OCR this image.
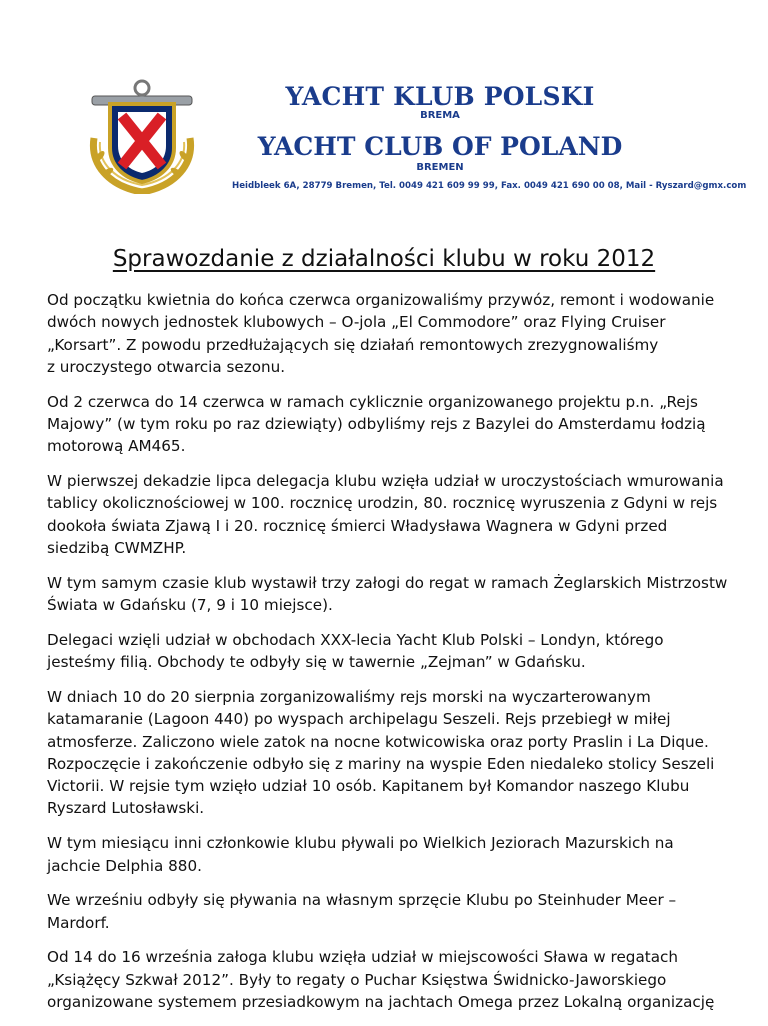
YACHT KLUB POLSKI
BREMA
YACHT CLUB OF POLAND
BREMEN
Heidbleek 6A, 28779 Bremen, Tel. 0049 421 609 99 99, Fax. 0049 421 690 00 08, Mail - Ryszard@gmx.com
Sprawozdanie z działalności klubu w roku 2012

Od początku kwietnia do końca czerwca organizowaliśmy przywóz, remont i wodowanie
dwóch nowych jednostek klubowych – O-jola „El Commodore” oraz Flying Cruiser
„Korsart”. Z powodu przedłużających się działań remontowych zrezygnowaliśmy
z uroczystego otwarcia sezonu.

Od 2 czerwca do 14 czerwca w ramach cyklicznie organizowanego projektu p.n. „Rejs
Majowy” (w tym roku po raz dziewiąty) odbyliśmy rejs z Bazylei do Amsterdamu łodzią
motorową AM465.

W pierwszej dekadzie lipca delegacja klubu wzięła udział w uroczystościach wmurowania
tablicy okolicznościowej w 100. rocznicę urodzin, 80. rocznicę wyruszenia z Gdyni w rejs
dookoła świata Zjawą I i 20. rocznicę śmierci Władysława Wagnera w Gdyni przed
siedzibą CWMZHP.

W tym samym czasie klub wystawił trzy załogi do regat w ramach Żeglarskich Mistrzostw
Świata w Gdańsku (7, 9 i 10 miejsce).

Delegaci wzięli udział w obchodach XXX-lecia Yacht Klub Polski – Londyn, którego
jesteśmy filią. Obchody te odbyły się w tawernie „Zejman” w Gdańsku.

W dniach 10 do 20 sierpnia zorganizowaliśmy rejs morski na wyczarterowanym
katamaranie (Lagoon 440) po wyspach archipelagu Seszeli. Rejs przebiegł w miłej
atmosferze. Zaliczono wiele zatok na nocne kotwicowiska oraz porty Praslin i La Dique.
Rozpoczęcie i zakończenie odbyło się z mariny na wyspie Eden niedaleko stolicy Seszeli
Victorii. W rejsie tym wzięło udział 10 osób. Kapitanem był Komandor naszego Klubu
Ryszard Lutosławski.

W tym miesiącu inni członkowie klubu pływali po Wielkich Jeziorach Mazurskich na
jachcie Delphia 880.

We wrześniu odbyły się pływania na własnym sprzęcie Klubu po Steinhuder Meer –
Mardorf.

Od 14 do 16 września załoga klubu wzięła udział w miejscowości Sława w regatach
„Książęcy Szkwał 2012”. Były to regaty o Puchar Księstwa Świdnicko-Jaworskiego
organizowane systemem przesiadkowym na jachtach Omega przez Lokalną organizację
